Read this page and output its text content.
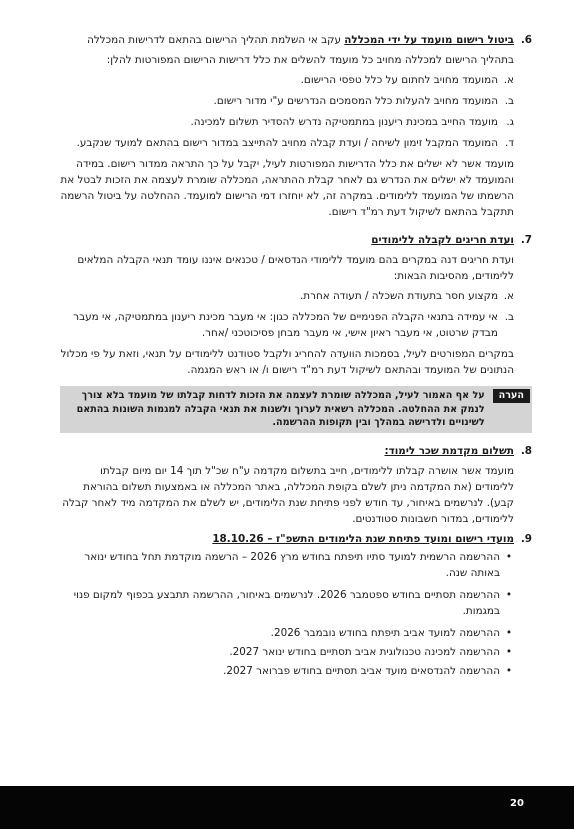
6.

ביטול רישום מועמד על ידי המכללה עקב אי השלמת תהליך הרישום בהתאם לדרישות המכללה

בתהליך הרישום למכללה מחויב כל מועמד להשלים את כלל דרישות הרישום המפורטות להלן:

א.
המועמד מחויב לחתום על כלל טפסי הרישום.
ב.
המועמד מחויב להעלות כלל המסמכים הנדרשים ע"י מדור רישום.
ג.
מועמד החייב במכינת ריענון במתמטיקה נדרש להסדיר תשלום למכינה.
ד.
המועמד המקבל זימון לשיחה / ועדת קבלה מחויב להתייצב במדור רישום בהתאם למועד שנקבע.

מועמד אשר לא ישלים את כלל הדרישות המפורטות לעיל, יקבל על כך התראה ממדור רישום. במידה והמועמד לא ישלים את הנדרש גם לאחר קבלת ההתראה, המכללה שומרת לעצמה את הזכות לבטל את הרשמתו של המועמד ללימודים. במקרה זה, לא יוחזרו דמי הרישום למועמד. ההחלטה על ביטול הרשמה תתקבל בהתאם לשיקול דעת רמ"ד רישום.

7.

ועדת חריגים לקבלה ללימודים

ועדת חריגים דנה במקרים בהם מועמד ללימודי הנדסאים / טכנאים איננו עומד תנאי הקבלה המלאים ללימודים, מהסיבות הבאות:

א.
מקצוע חסר בתעודת השכלה / תעודה אחרת.
ב.
אי עמידה בתנאי הקבלה הפנימיים של המכללה כגון: אי מעבר מכינת ריענון במתמטיקה, אי מעבר מבדק שרטוט, אי מעבר ראיון אישי, אי מעבר מבחן פסיכוטכני /אחר.

במקרים המפורטים לעיל, בסמכות הוועדה להחריג ולקבל סטודנט ללימודים על תנאי, וזאת על פי מכלול הנתונים של המועמד ובהתאם לשיקול דעת רמ"ד רישום ו/ או ראש המגמה.

הערה
על אף האמור לעיל, המכללה שומרת לעצמה את הזכות לדחות קבלתו של מועמד בלא צורך לנמק את ההחלטה. המכללה רשאית לערוך ולשנות את תנאי הקבלה למגמות השונות בהתאם לשינויים ולדרישה במהלך ובין תקופות ההרשמה.
8.

תשלום מקדמת שכר לימוד:

מועמד אשר אושרה קבלתו ללימודים, חייב בתשלום מקדמה ע"ח שכ"ל תוך 14 יום מיום קבלתו ללימודים (את המקדמה ניתן לשלם בקופת המכללה, באתר המכללה או באמצעות תשלום בהוראת קבע). לנרשמים באיחור, עד חודש לפני פתיחת שנת הלימודים, יש לשלם את המקדמה מיד לאחר קבלה ללימודים, במדור חשבונות סטודנטים.

9.

מועדי רישום ומועד פתיחת שנת הלימודים התשפ"ז – 18.10.26

•
ההרשמה הרשמית למועד סתיו תיפתח בחודש מרץ 2026 – הרשמה מוקדמת תחל בחודש ינואר באותה שנה.
•
ההרשמה תסתיים בחודש ספטמבר 2026. לנרשמים באיחור, ההרשמה תתבצע בכפוף למקום פנוי במגמות.
•
ההרשמה למועד אביב תיפתח בחודש נובמבר 2026.
•
ההרשמה למכינה טכנולוגית אביב תסתיים בחודש ינואר 2027.
•
ההרשמה להנדסאים מועד אביב תסתיים בחודש פברואר 2027.
20
